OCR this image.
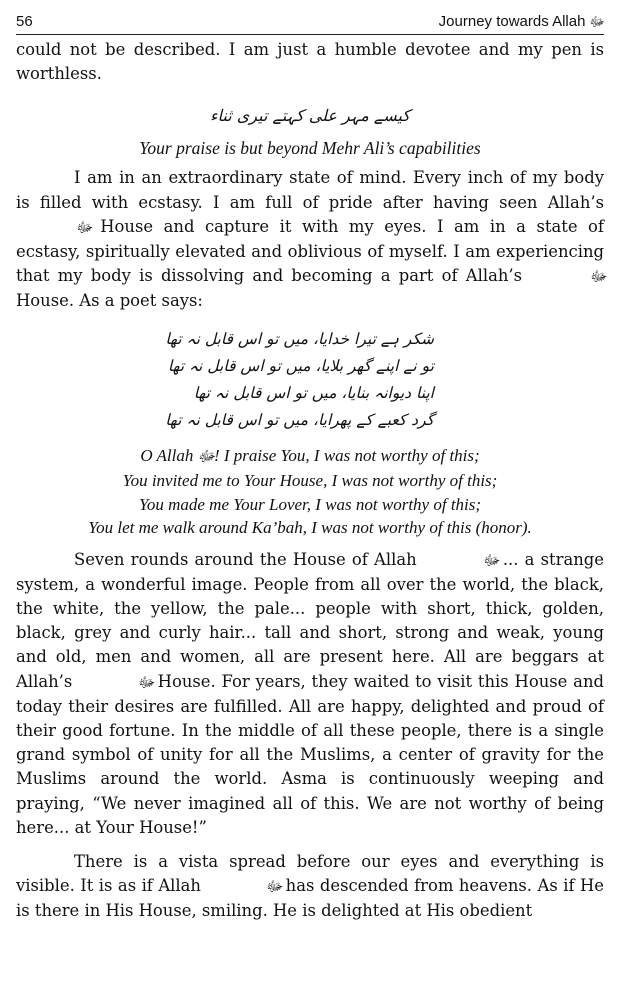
56	Journey towards Allah ﷻ

could not be described. I am just a humble devotee and my pen is worthless.

کیسے مہر علی کہتے تیری ثناء
Your praise is but beyond Mehr Ali’s capabilities

I am in an extraordinary state of mind. Every inch of my body is filled with ecstasy. I am full of pride after having seen Allah’s ﷻ House and capture it with my eyes. I am in a state of ecstasy, spiritually elevated and oblivious of myself. I am experiencing that my body is dissolving and becoming a part of Allah’s	ﷻ House. As a poet says:

شکر ہے تیرا خدایا، میں تو اس قابل نہ تھا
تو نے اپنے گھر بلایا، میں تو اس قابل نہ تھا
اپنا دیوانہ بنایا، میں تو اس قابل نہ تھا
گرد کعبے کے پھرایا، میں تو اس قابل نہ تھا
O Allah ﷻ! I praise You, I was not worthy of this;
You invited me to Your House, I was not worthy of this;
You made me Your Lover, I was not worthy of this;
You let me walk around Ka’bah, I was not worthy of this (honor).

Seven rounds around the House of Allah	ﷻ ... a strange system, a wonderful image. People from all over the world, the black, the white, the yellow, the pale... people with short, thick, golden, black, grey and curly hair... tall and short, strong and weak, young and old, men and women, all are present here. All are beggars at Allah’s	ﷻ House. For years, they waited to visit this House and today their desires are fulfilled. All are happy, delighted and proud of their good fortune. In the middle of all these people, there is a single grand symbol of unity for all the Muslims, a center of gravity for the Muslims around the world. Asma is continuously weeping and praying, “We never imagined all of this. We are not worthy of being here... at Your House!”

There is a vista spread before our eyes and everything is visible. It is as if Allah	ﷻ has descended from heavens. As if He is there in His House, smiling. He is delighted at His obedient
